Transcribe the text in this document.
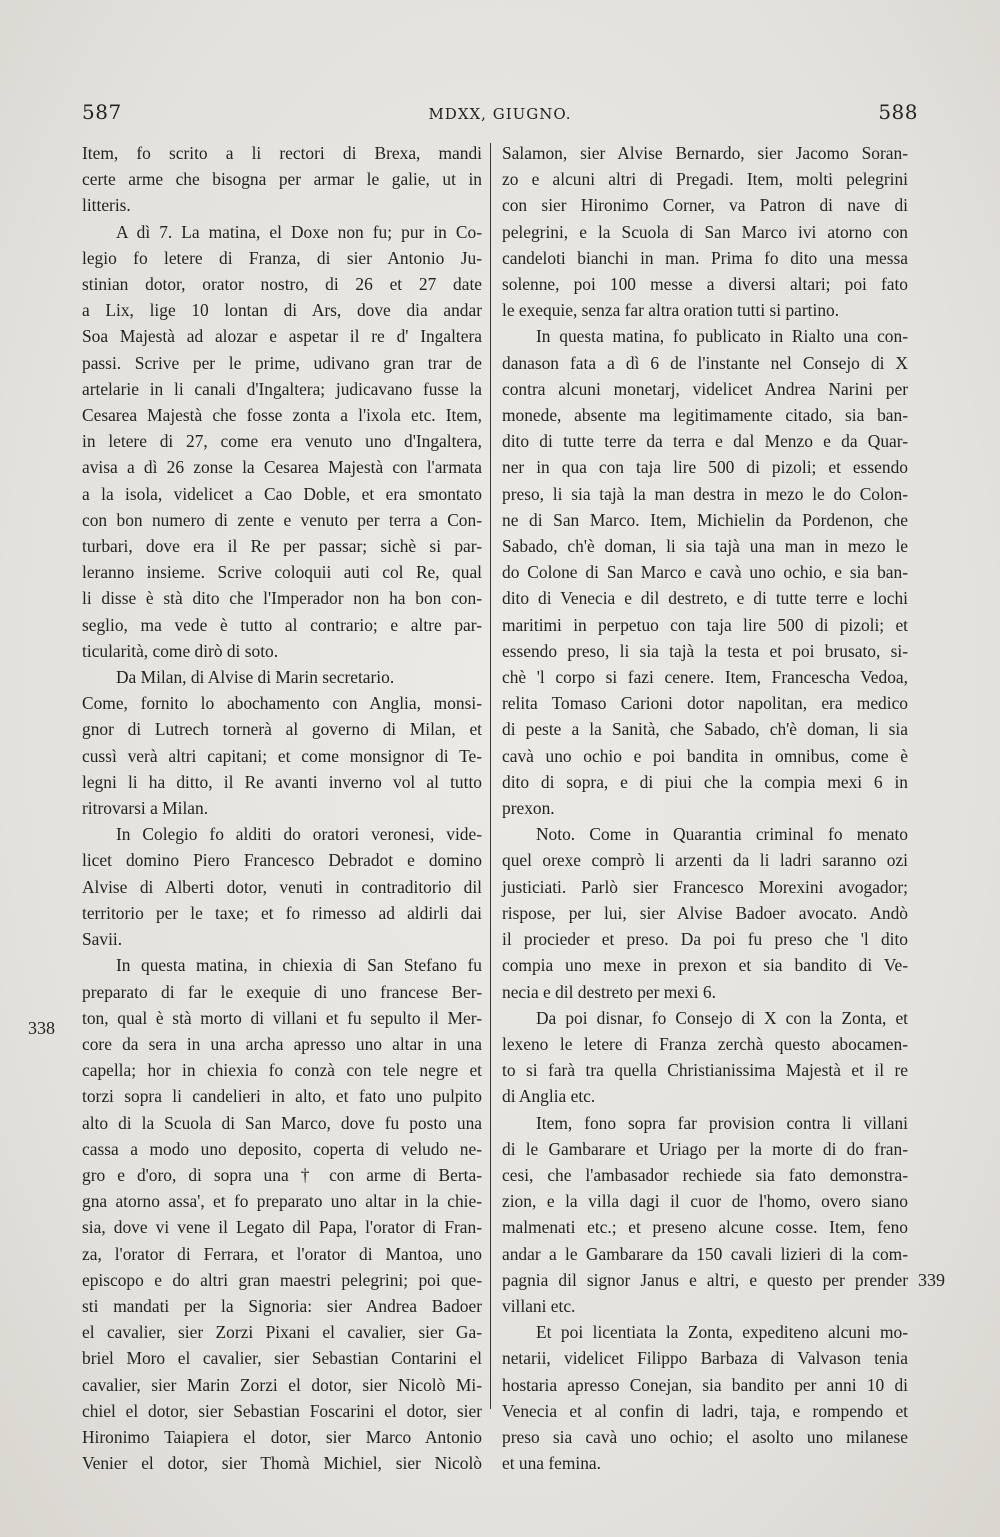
587	MDXX, GIUGNO.	588
338
339
Item, fo scrito a li rectori di Brexa, mandi
certe arme che bisogna per armar le galie, ut in
litteris.
A dì 7. La matina, el Doxe non fu; pur in Co-
legio fo letere di Franza, di sier Antonio Ju-
stinian dotor, orator nostro, di 26 et 27 date
a Lix, lige 10 lontan di Ars, dove dia andar
Soa Majestà ad alozar e aspetar il re d' Ingaltera
passi. Scrive per le prime, udivano gran trar de
artelarie in li canali d'Ingaltera; judicavano fusse la
Cesarea Majestà che fosse zonta a l'ixola etc. Item,
in letere di 27, come era venuto uno d'Ingaltera,
avisa a dì 26 zonse la Cesarea Majestà con l'armata
a la isola, videlicet a Cao Doble, et era smontato
con bon numero di zente e venuto per terra a Con-
turbari, dove era il Re per passar; sichè si par-
leranno insieme. Scrive coloquii auti col Re, qual
li disse è stà dito che l'Imperador non ha bon con-
seglio, ma vede è tutto al contrario; e altre par-
ticularità, come dirò di soto.
Da Milan, di Alvise di Marin secretario.
Come, fornito lo abochamento con Anglia, monsi-
gnor di Lutrech tornerà al governo di Milan, et
cussì verà altri capitani; et come monsignor di Te-
legni li ha ditto, il Re avanti inverno vol al tutto
ritrovarsi a Milan.
In Colegio fo alditi do oratori veronesi, vide-
licet domino Piero Francesco Debradot e domino
Alvise di Alberti dotor, venuti in contraditorio dil
territorio per le taxe; et fo rimesso ad aldirli dai
Savii.
In questa matina, in chiexia di San Stefano fu
preparato di far le exequie di uno francese Ber-
ton, qual è stà morto di villani et fu sepulto il Mer-
core da sera in una archa apresso uno altar in una
capella; hor in chiexia fo conzà con tele negre et
torzi sopra li candelieri in alto, et fato uno pulpito
alto di la Scuola di San Marco, dove fu posto una
cassa a modo uno deposito, coperta di veludo ne-
gro e d'oro, di sopra una † con arme di Berta-
gna atorno assa', et fo preparato uno altar in la chie-
sia, dove vi vene il Legato dil Papa, l'orator di Fran-
za, l'orator di Ferrara, et l'orator di Mantoa, uno
episcopo e do altri gran maestri pelegrini; poi que-
sti mandati per la Signoria: sier Andrea Badoer
el cavalier, sier Zorzi Pixani el cavalier, sier Ga-
briel Moro el cavalier, sier Sebastian Contarini el
cavalier, sier Marin Zorzi el dotor, sier Nicolò Mi-
chiel el dotor, sier Sebastian Foscarini el dotor, sier
Hironimo Taiapiera el dotor, sier Marco Antonio
Venier el dotor, sier Thomà Michiel, sier Nicolò
Salamon, sier Alvise Bernardo, sier Jacomo Soran-
zo e alcuni altri di Pregadi. Item, molti pelegrini
con sier Hironimo Corner, va Patron di nave di
pelegrini, e la Scuola di San Marco ivi atorno con
candeloti bianchi in man. Prima fo dito una messa
solenne, poi 100 messe a diversi altari; poi fato
le exequie, senza far altra oration tutti si partino.
In questa matina, fo publicato in Rialto una con-
danason fata a dì 6 de l'instante nel Consejo di X
contra alcuni monetarj, videlicet Andrea Narini per
monede, absente ma legitimamente citado, sia ban-
dito di tutte terre da terra e dal Menzo e da Quar-
ner in qua con taja lire 500 di pizoli; et essendo
preso, li sia tajà la man destra in mezo le do Colon-
ne di San Marco. Item, Michielin da Pordenon, che
Sabado, ch'è doman, li sia tajà una man in mezo le
do Colone di San Marco e cavà uno ochio, e sia ban-
dito di Venecia e dil destreto, e di tutte terre e lochi
maritimi in perpetuo con taja lire 500 di pizoli; et
essendo preso, li sia tajà la testa et poi brusato, si-
chè 'l corpo si fazi cenere. Item, Francescha Vedoa,
relita Tomaso Carioni dotor napolitan, era medico
di peste a la Sanità, che Sabado, ch'è doman, li sia
cavà uno ochio e poi bandita in omnibus, come è
dito di sopra, e di piui che la compia mexi 6 in
prexon.
Noto. Come in Quarantia criminal fo menato
quel orexe comprò li arzenti da li ladri saranno ozi
justiciati. Parlò sier Francesco Morexini avogador;
rispose, per lui, sier Alvise Badoer avocato. Andò
il procieder et preso. Da poi fu preso che 'l dito
compia uno mexe in prexon et sia bandito di Ve-
necia e dil destreto per mexi 6.
Da poi disnar, fo Consejo di X con la Zonta, et
lexeno le letere di Franza zerchà questo abocamen-
to si farà tra quella Christianissima Majestà et il re
di Anglia etc.
Item, fono sopra far provision contra li villani
di le Gambarare et Uriago per la morte di do fran-
cesi, che l'ambasador rechiede sia fato demonstra-
zion, e la villa dagi il cuor de l'homo, overo siano
malmenati etc.; et preseno alcune cosse. Item, feno
andar a le Gambarare da 150 cavali lizieri di la com-
pagnia dil signor Janus e altri, e questo per prender
villani etc.
Et poi licentiata la Zonta, expediteno alcuni mo-
netarii, videlicet Filippo Barbaza di Valvason tenia
hostaria apresso Conejan, sia bandito per anni 10 di
Venecia et al confin di ladri, taja, e rompendo et
preso sia cavà uno ochio; el asolto uno milanese
et una femina.
